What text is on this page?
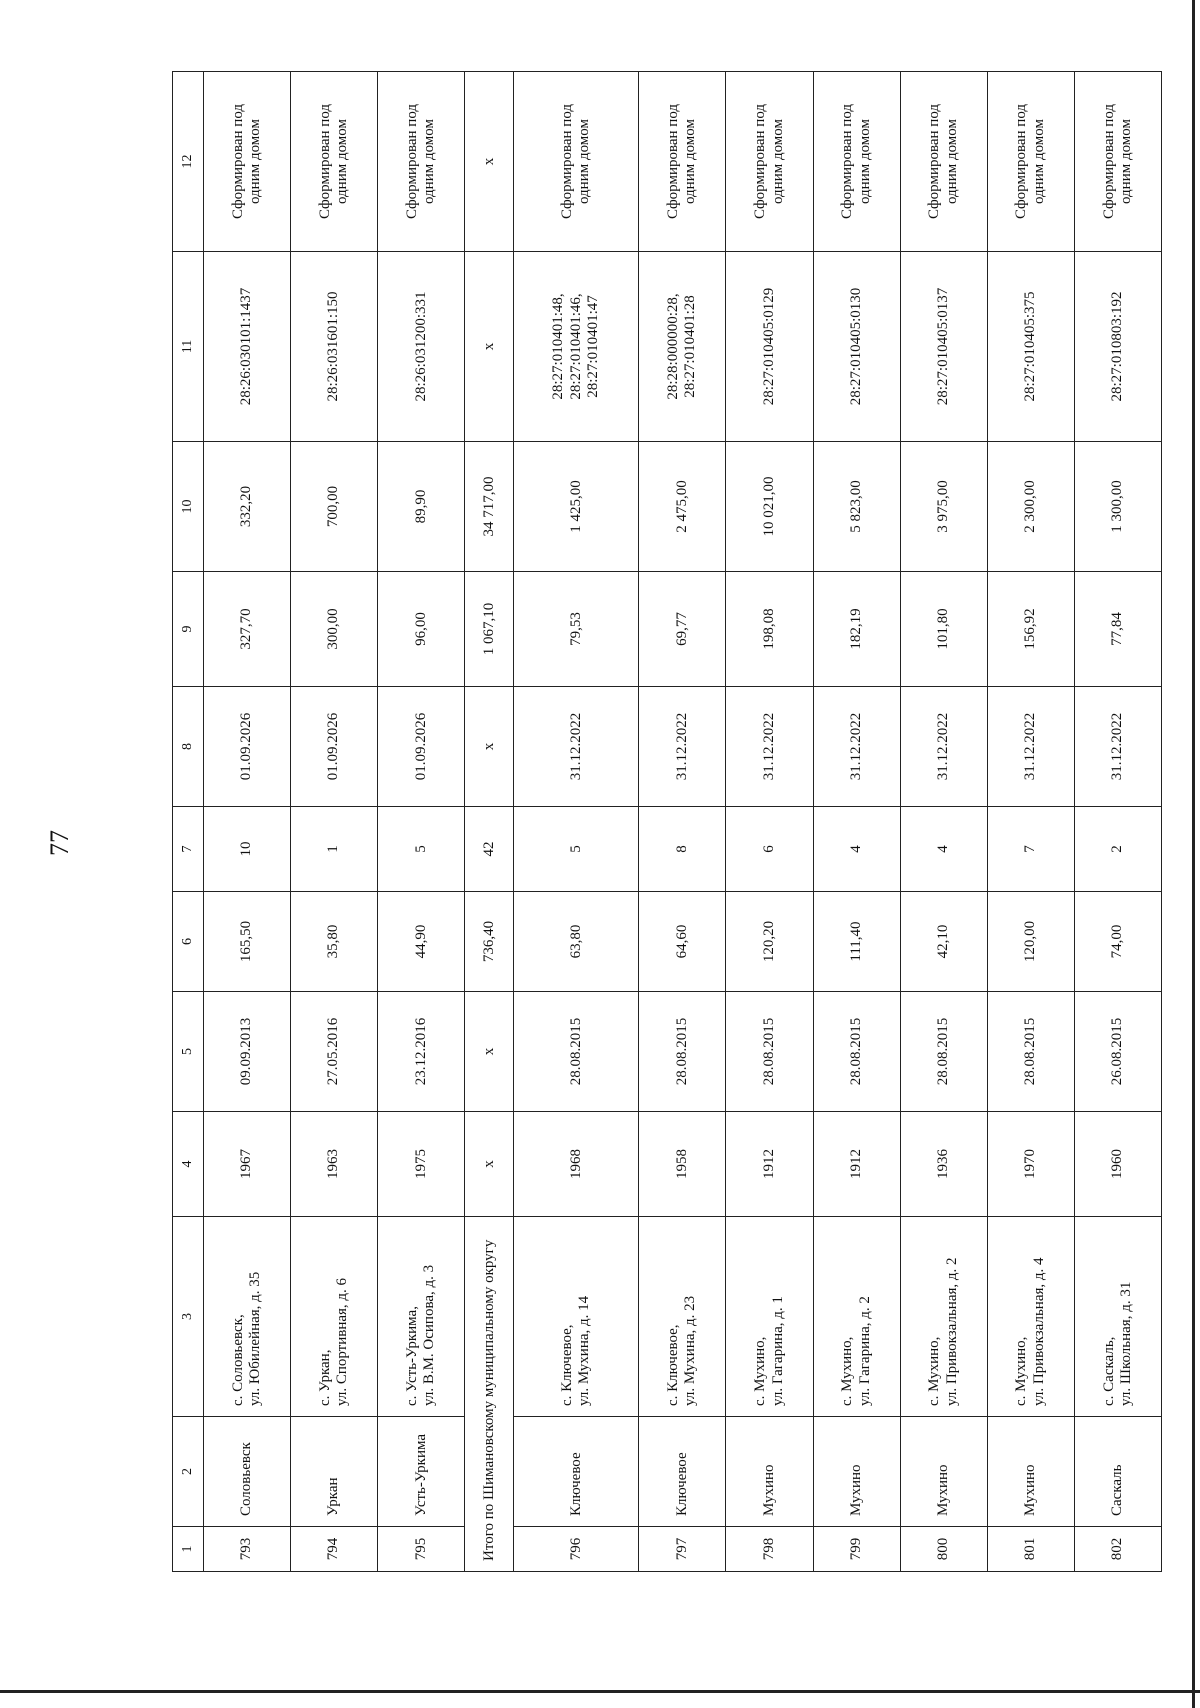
77
1	2	3	4	5	6	7	8	9	10	11	12
793	Соловьевск	с. Соловьевск,
ул. Юбилейная, д. 35	1967	09.09.2013	165,50	10	01.09.2026	327,70	332,20	28:26:030101:1437	Сформирован под
одним домом
794	Уркан	с. Уркан,
ул. Спортивная, д. 6	1963	27.05.2016	35,80	1	01.09.2026	300,00	700,00	28:26:031601:150	Сформирован под
одним домом
795	Усть-Уркима	с. Усть-Уркима,
ул. В.М. Осипова, д. 3	1975	23.12.2016	44,90	5	01.09.2026	96,00	89,90	28:26:031200:331	Сформирован под
одним домом
Итого по Шимановскому муниципальному округу			х	х	736,40	42	х	1 067,10	34 717,00	х	х
796	Ключевое	с. Ключевое,
ул. Мухина, д. 14	1968	28.08.2015	63,80	5	31.12.2022	79,53	1 425,00	28:27:010401:48,
28:27:010401:46,
28:27:010401:47	Сформирован под
одним домом
797	Ключевое	с. Ключевое,
ул. Мухина, д. 23	1958	28.08.2015	64,60	8	31.12.2022	69,77	2 475,00	28:28:000000:28,
28:27:010401:28	Сформирован под
одним домом
798	Мухино	с. Мухино,
ул. Гагарина, д. 1	1912	28.08.2015	120,20	6	31.12.2022	198,08	10 021,00	28:27:010405:0129	Сформирован под
одним домом
799	Мухино	с. Мухино,
ул. Гагарина, д. 2	1912	28.08.2015	111,40	4	31.12.2022	182,19	5 823,00	28:27:010405:0130	Сформирован под
одним домом
800	Мухино	с. Мухино,
ул. Привокзальная, д. 2	1936	28.08.2015	42,10	4	31.12.2022	101,80	3 975,00	28:27:010405:0137	Сформирован под
одним домом
801	Мухино	с. Мухино,
ул. Привокзальная, д. 4	1970	28.08.2015	120,00	7	31.12.2022	156,92	2 300,00	28:27:010405:375	Сформирован под
одним домом
802	Саскаль	с. Саскаль,
ул. Школьная, д. 31	1960	26.08.2015	74,00	2	31.12.2022	77,84	1 300,00	28:27:010803:192	Сформирован под
одним домом
